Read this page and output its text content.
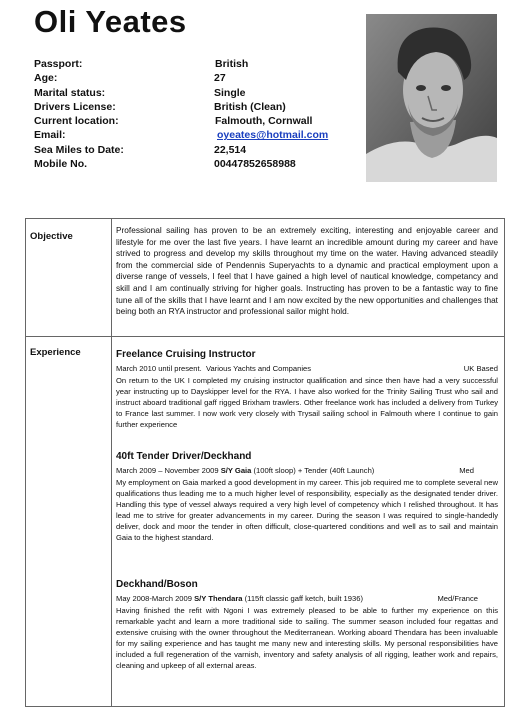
Oli Yeates
Passport:	British
Age:	27
Marital status:	Single
Drivers License:	British (Clean)
Current location:	Falmouth, Cornwall
Email:	oyeates@hotmail.com
Sea Miles to Date:	22,514
Mobile No.	00447852658988
Objective
Professional sailing has proven to be an extremely exciting, interesting and enjoyable career and lifestyle for me over the last five years. I have learnt an incredible amount during my career and have strived to progress and develop my skills throughout my time on the water. Having advanced steadily from the commercial side of Pendennis Superyachts to a dynamic and practical employment upon a diverse range of vessels, I feel that I have gained a high level of nautical knowledge, competancy and skill and I am continually striving for higher goals. Instructing has proven to be a fantastic way to fine tune all of the skills that I have learnt and I am now excited by the new opportunities and challenges that being both an RYA instructor and professional sailor might hold.
Experience	Freelance Cruising Instructor
March 2010 until present. Various Yachts and Companies	UK Based

On return to the UK I completed my cruising instructor qualification and since then have had a very successful year instructing up to Dayskipper level for the RYA. I have also worked for the Trinity Sailing Trust who sail and instruct aboard traditional gaff rigged Brixham trawlers. Other freelance work has included a delivery from Turkey to France last summer. I now work very closely with Trysail sailing school in Falmouth where I continue to gain further experience

40ft Tender Driver/Deckhand
March 2009 – November 2009 S/Y Gaia (100ft sloop) + Tender (40ft Launch)	Med

My employment on Gaia marked a good development in my career. This job required me to complete several new qualifications thus leading me to a much higher level of responsibility, especially as the designated tender driver. Handling this type of vessel always required a very high level of competency which I relished throughout. It has lead me to strive for greater advancements in my career. During the season I was required to single-handedly deliver, dock and moor the tender in often difficult, close-quartered conditions and well as to sail and maintain Gaia to the highest standard.

Deckhand/Boson
May 2008-March 2009 S/Y Thendara (115ft classic gaff ketch, built 1936)	Med/France

Having finished the refit with Ngoni I was extremely pleased to be able to further my experience on this remarkable yacht and learn a more traditional side to sailing. The summer season included four regattas and extensive cruising with the owner throughout the Mediterranean. Working aboard Thendara has been invaluable for my sailing experience and has taught me many new and interesting skills. My personal responsibilities have included a full regeneration of the varnish, inventory and safety analysis of all rigging, leather work and repairs, cleaning and upkeep of all external areas.
